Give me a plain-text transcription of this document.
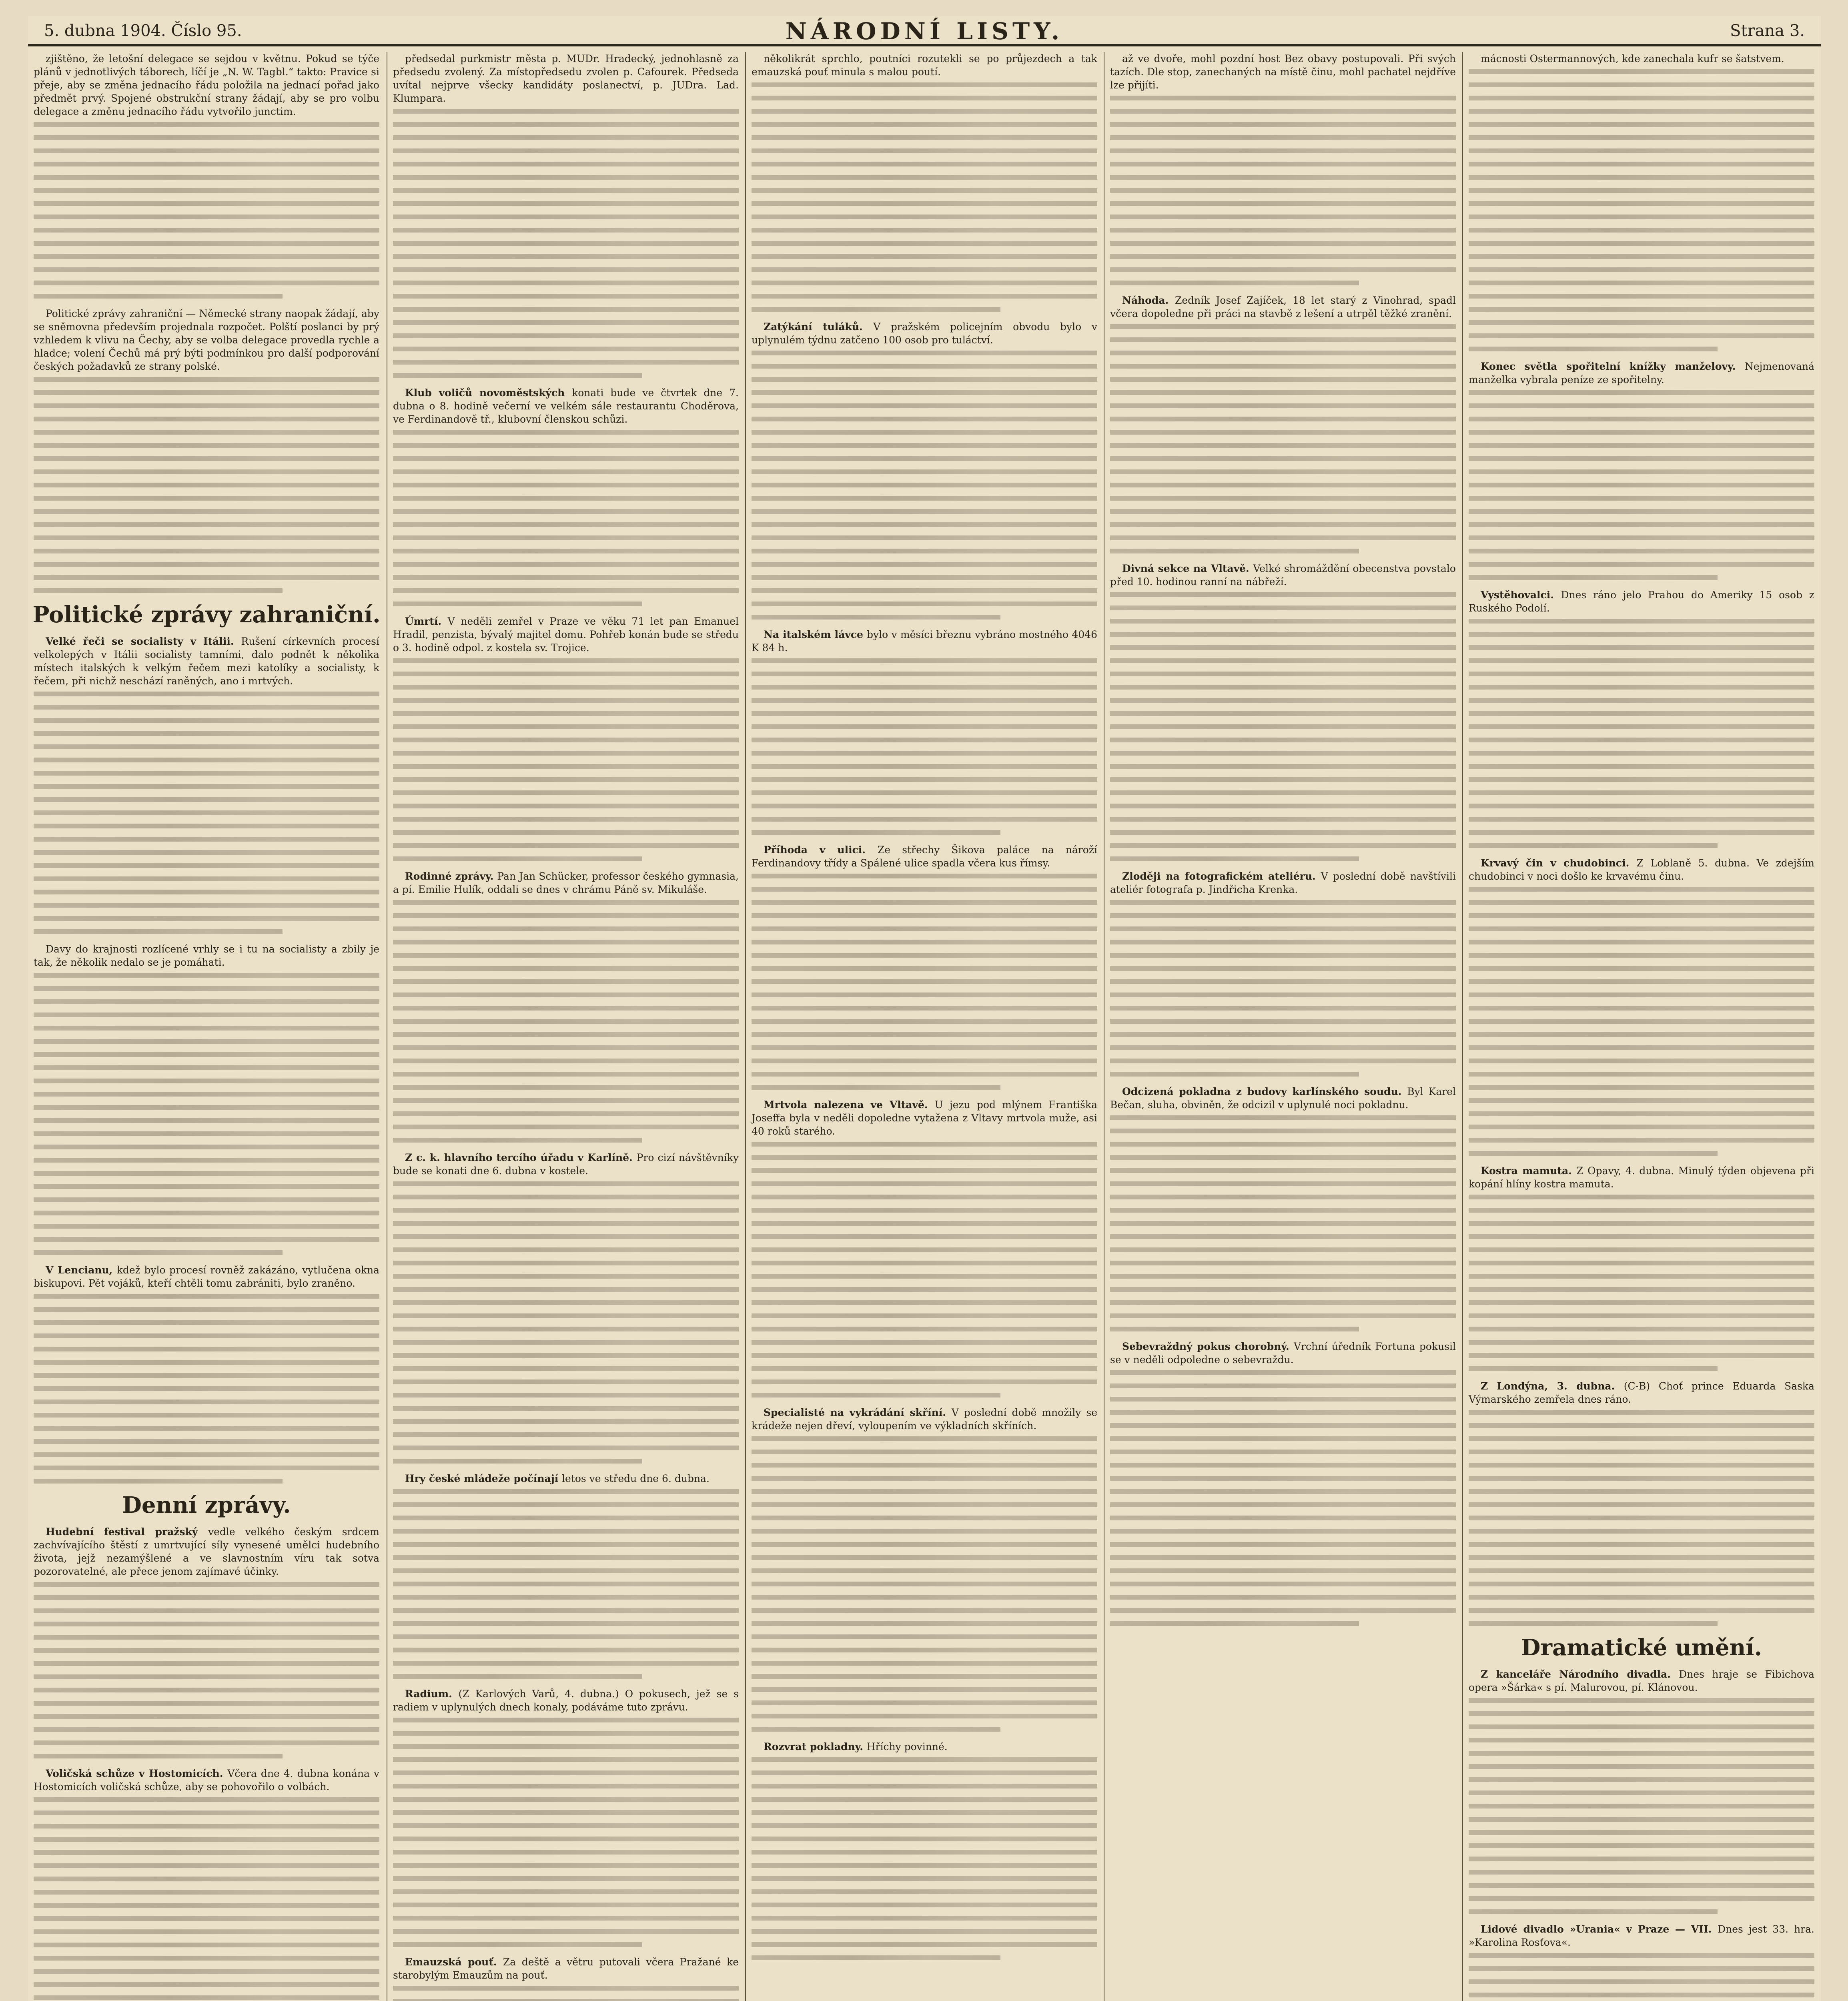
5. dubna 1904. Číslo 95.	NÁRODNÍ LISTY.	Strana 3.

zjištěno, že letošní delegace se sejdou v květnu. Pokud se týče plánů v jednotlivých táborech, líčí je „N. W. Tagbl.“ takto: Pravice si přeje, aby se změna jednacího řádu položila na jednací pořad jako předmět prvý. Spojené obstrukční strany žádají, aby se pro volbu delegace a změnu jednacího řádu vytvořilo junctim.

Politické zprávy zahraniční — Německé strany naopak žádají, aby se sněmovna především projednala rozpočet. Polští poslanci by prý vzhledem k vlivu na Čechy, aby se volba delegace provedla rychle a hladce; volení Čechů má prý býti podmínkou pro další podporování českých požadavků ze strany polské.

Politické zprávy zahraniční.

Velké řeči se socialisty v Itálii. Rušení církevních procesí velkolepých v Itálii socialisty tamními, dalo podnět k několika místech italských k velkým řečem mezi katolíky a socialisty, k řečem, při nichž neschází raněných, ano i mrtvých.

Davy do krajnosti rozlícené vrhly se i tu na socialisty a zbily je tak, že několik nedalo se je pomáhati.

V Lencianu, kdež bylo procesí rovněž zakázáno, vytlučena okna biskupovi. Pět vojáků, kteří chtěli tomu zabrániti, bylo zraněno.

Denní zprávy.

Hudební festival pražský vedle velkého českým srdcem zachvívajícího štěstí z umrtvující síly vynesené umělci hudebního života, jejž nezamýšlené a ve slavnostním víru tak sotva pozorovatelné, ale přece jenom zajímavé účinky.

Voličská schůze v Hostomicích. Včera dne 4. dubna konána v Hostomicích voličská schůze, aby se pohovořilo o volbách.

předsedal purkmistr města p. MUDr. Hradecký, jednohlasně za předsedu zvolený. Za místopředsedu zvolen p. Cafourek. Předseda uvítal nejprve všecky kandidáty poslanectví, p. JUDra. Lad. Klumpara.

Klub voličů novoměstských konati bude ve čtvrtek dne 7. dubna o 8. hodině večerní ve velkém sále restaurantu Choděrova, ve Ferdinandově tř., klubovní členskou schůzi.

Úmrtí. V neděli zemřel v Praze ve věku 71 let pan Emanuel Hradil, penzista, bývalý majitel domu. Pohřeb konán bude se středu o 3. hodině odpol. z kostela sv. Trojice.

Rodinné zprávy. Pan Jan Schücker, professor českého gymnasia, a pí. Emilie Hulík, oddali se dnes v chrámu Páně sv. Mikuláše.

Z c. k. hlavního tercího úřadu v Karlíně. Pro cizí návštěvníky bude se konati dne 6. dubna v kostele.

Hry české mládeže počínají letos ve středu dne 6. dubna.

Radium. (Z Karlových Varů, 4. dubna.) O pokusech, jež se s radiem v uplynulých dnech konaly, podáváme tuto zprávu.

Emauzská pouť. Za deště a větru putovali včera Pražané ke starobylým Emauzům na pouť.

několikrát sprchlo, poutníci rozutekli se po průjezdech a tak emauzská pouť minula s malou poutí.

Zatýkání tuláků. V pražském policejním obvodu bylo v uplynulém týdnu zatčeno 100 osob pro tuláctví.

Na italském lávce bylo v měsíci březnu vybráno mostného 4046 K 84 h.

Příhoda v ulici. Ze střechy Šikova paláce na nároží Ferdinandovy třídy a Spálené ulice spadla včera kus římsy.

Mrtvola nalezena ve Vltavě. U jezu pod mlýnem Františka Joseffa byla v neděli dopoledne vytažena z Vltavy mrtvola muže, asi 40 roků starého.

Specialisté na vykrádání skříní. V poslední době množily se krádeže nejen dřeví, vyloupením ve výkladních skříních.

Rozvrat pokladny. Hříchy povinné.

až ve dvoře, mohl pozdní host Bez obavy postupovali. Při svých tazích. Dle stop, zanechaných na místě činu, mohl pachatel nejdříve lze přijíti.

Náhoda. Zedník Josef Zajíček, 18 let starý z Vinohrad, spadl včera dopoledne při práci na stavbě z lešení a utrpěl těžké zranění.

Divná sekce na Vltavě. Velké shromáždění obecenstva povstalo před 10. hodinou ranní na nábřeží.

Zloději na fotografickém ateliéru. V poslední době navštívili ateliér fotografa p. Jindřicha Krenka.

Odcizená pokladna z budovy karlínského soudu. Byl Karel Bečan, sluha, obviněn, že odcizil v uplynulé noci pokladnu.

Sebevraždný pokus chorobný. Vrchní úředník Fortuna pokusil se v neděli odpoledne o sebevraždu.

mácnosti Ostermannových, kde zanechala kufr se šatstvem.

Konec světla spořitelní knížky manželovy. Nejmenovaná manželka vybrala peníze ze spořitelny.

Vystěhovalci. Dnes ráno jelo Prahou do Ameriky 15 osob z Ruského Podolí.

Krvavý čin v chudobinci. Z Loblaně 5. dubna. Ve zdejším chudobinci v noci došlo ke krvavému činu.

Kostra mamuta. Z Opavy, 4. dubna. Minulý týden objevena při kopání hlíny kostra mamuta.

Z Londýna, 3. dubna. (C-B) Choť prince Eduarda Saska Výmarského zemřela dnes ráno.

Dramatické umění.

Z kanceláře Národního divadla. Dnes hraje se Fibichova opera »Šárka« s pí. Malurovou, pí. Klánovou.

Lidové divadlo »Urania« v Praze — VII. Dnes jest 33. hra. »Karolina Rosťova«.
